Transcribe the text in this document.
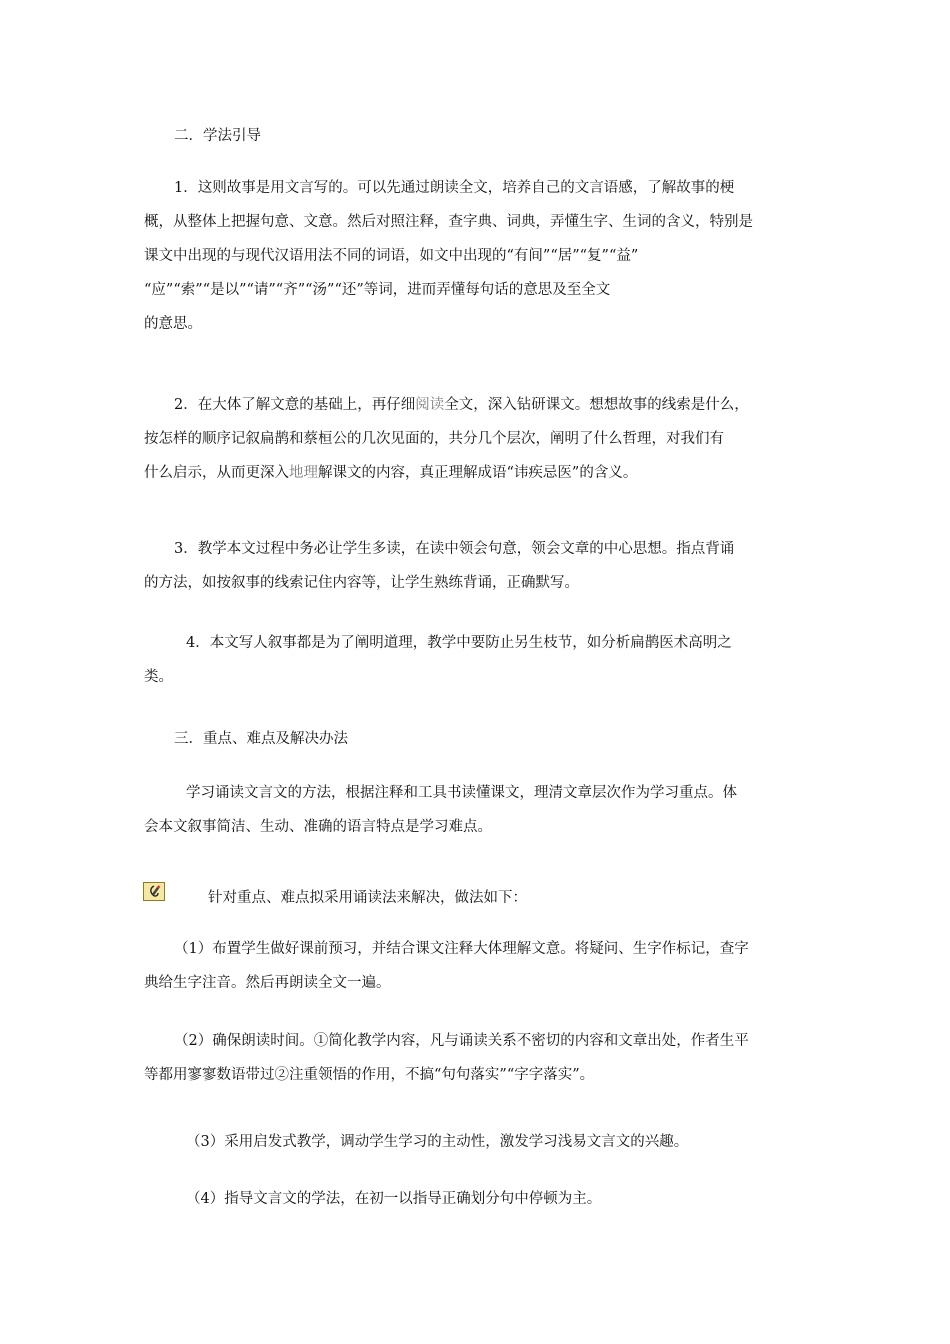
二．学法引导

1．这则故事是用文言写的。可以先通过朗读全文，培养自己的文言语感，了解故事的梗

概，从整体上把握句意、文意。然后对照注释，查字典、词典，弄懂生字、生词的含义，特别是

课文中出现的与现代汉语用法不同的词语，如文中出现的“有间”“居”“复”“益”

“应”“索”“是以”“请”“齐”“汤”“还”等词，进而弄懂每句话的意思及至全文

的意思。

2．在大体了解文意的基础上，再仔细阅读全文，深入钻研课文。想想故事的线索是什么，

按怎样的顺序记叙扁鹊和蔡桓公的几次见面的，共分几个层次，阐明了什么哲理，对我们有

什么启示，从而更深入地理解课文的内容，真正理解成语“讳疾忌医”的含义。

3．教学本文过程中务必让学生多读，在读中领会句意，领会文章的中心思想。指点背诵

的方法，如按叙事的线索记住内容等，让学生熟练背诵，正确默写。

4．本文写人叙事都是为了阐明道理，教学中要防止另生枝节，如分析扁鹊医术高明之

类。

三．重点、难点及解决办法

学习诵读文言文的方法，根据注释和工具书读懂课文，理清文章层次作为学习重点。体

会本文叙事简洁、生动、准确的语言特点是学习难点。

针对重点、难点拟采用诵读法来解决，做法如下：

（1）布置学生做好课前预习，并结合课文注释大体理解文意。将疑问、生字作标记，查字

典给生字注音。然后再朗读全文一遍。

（2）确保朗读时间。①简化教学内容，凡与诵读关系不密切的内容和文章出处，作者生平

等都用寥寥数语带过②注重领悟的作用，不搞“句句落实”“字字落实”。

（3）采用启发式教学，调动学生学习的主动性，激发学习浅易文言文的兴趣。

（4）指导文言文的学法，在初一以指导正确划分句中停顿为主。
